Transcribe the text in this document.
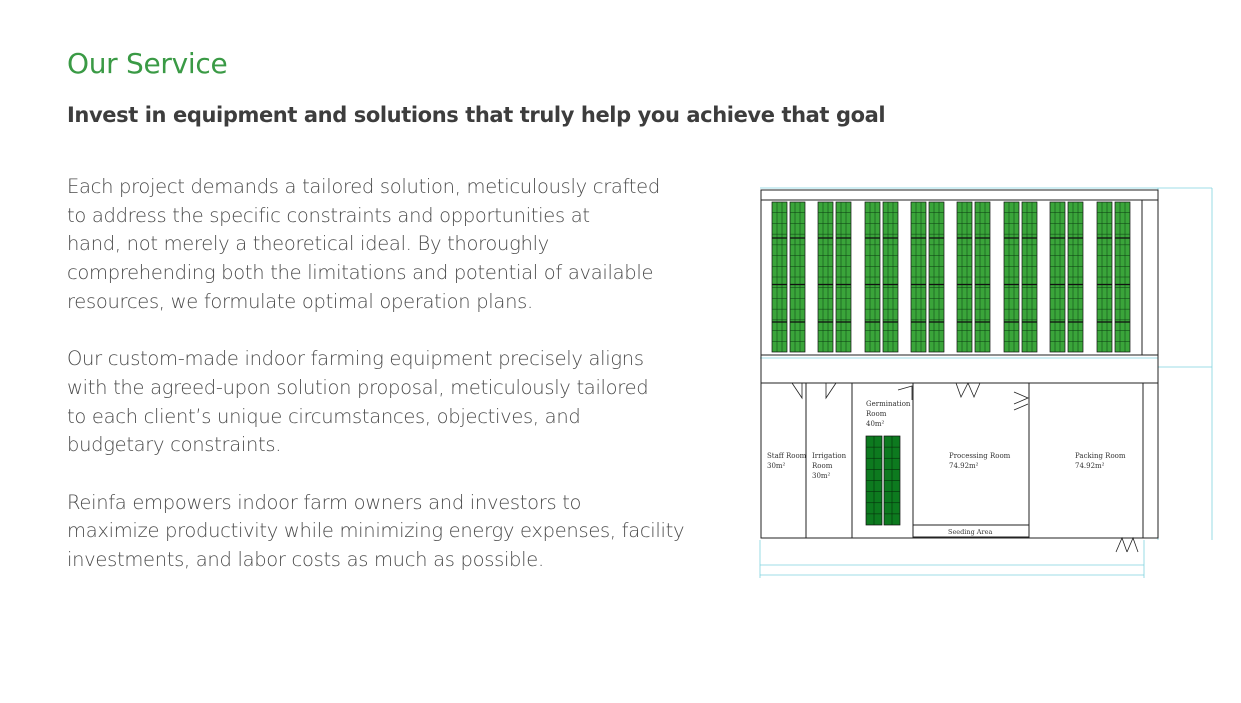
Our Service
Invest in equipment and solutions that truly help you achieve that goal

Each project demands a tailored solution, meticulously crafted
to address the specific constraints and opportunities at
hand, not merely a theoretical ideal. By thoroughly
comprehending both the limitations and potential of available
resources, we formulate optimal operation plans.

Our custom-made indoor farming equipment precisely aligns
with the agreed-upon solution proposal, meticulously tailored
to each client’s unique circumstances, objectives, and
budgetary constraints.

Reinfa empowers indoor farm owners and investors to
maximize productivity while minimizing energy expenses, facility
investments, and labor costs as much as possible.

Staff Room
30m²
Irrigation
Room
30m²
Germination
Room
40m²
Processing Room
74.92m²
Packing Room
74.92m²
Seeding Area
